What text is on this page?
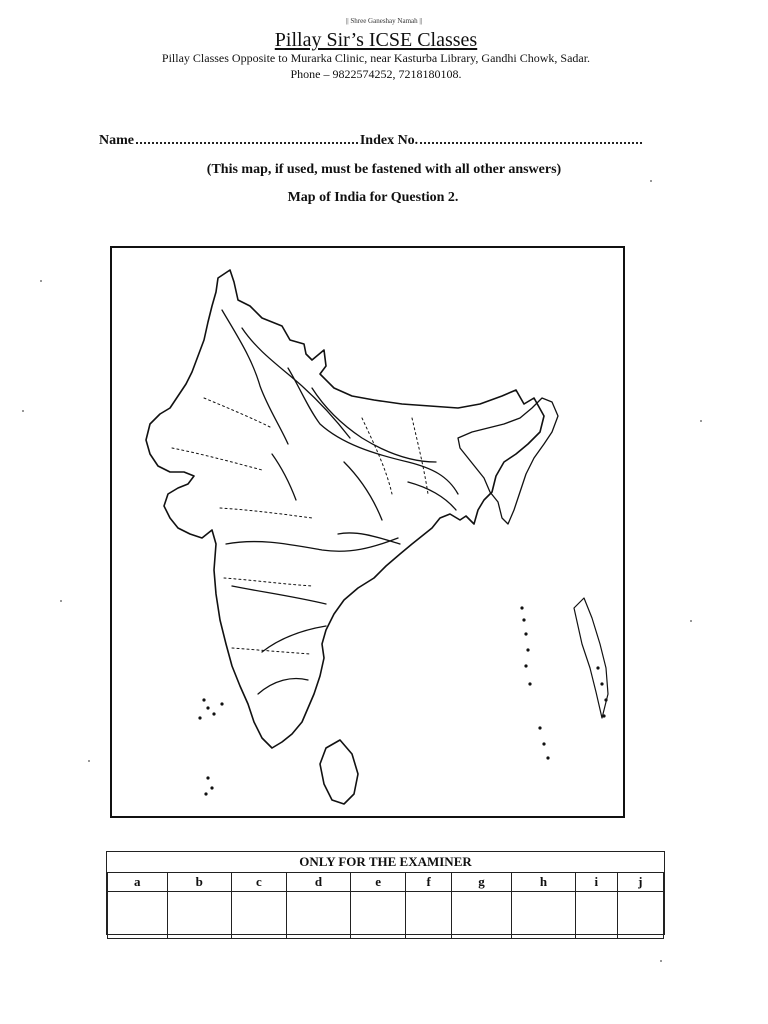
|| Shree Ganeshay Namah ||
Pillay Sir’s ICSE Classes
Pillay Classes Opposite to Murarka Clinic, near Kasturba Library, Gandhi Chowk, Sadar.
Phone – 9822574252, 7218180108.
Name	Index No.
(This map, if used, must be fastened with all other answers)
Map of India for Question 2.
ONLY FOR THE EXAMINER									
a	b	c	d	e	f	g	h	i	j
